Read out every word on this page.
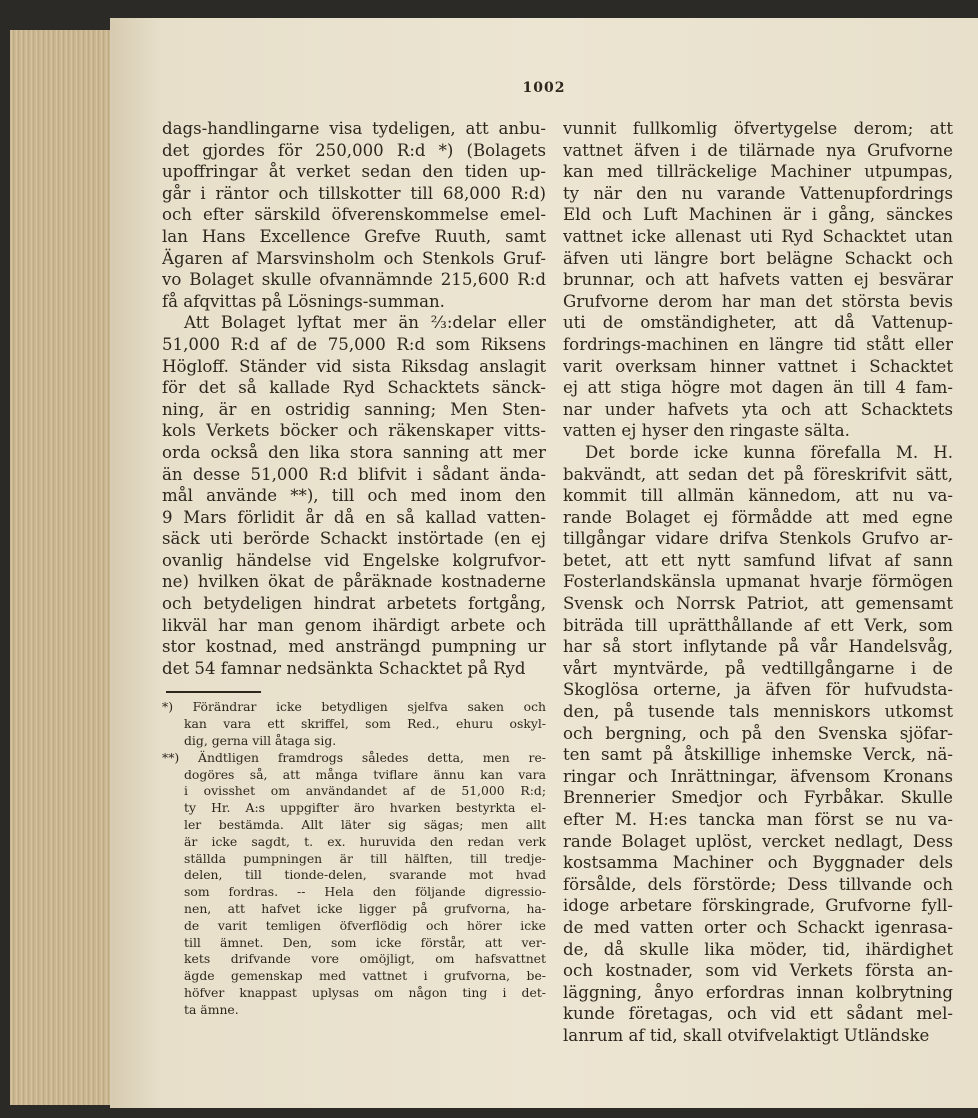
1002
dags-handlingarne visa tydeligen, att anbu-
det gjordes för 250,000 R:d *) (Bolagets
upoffringar åt verket sedan den tiden up-
går i räntor och tillskotter till 68,000 R:d)
och efter särskild öfverenskommelse emel-
lan Hans Excellence Grefve Ruuth, samt
Ägaren af Marsvinsholm och Stenkols Gruf-
vo Bolaget skulle ofvannämnde 215,600 R:d
få afqvittas på Lösnings-summan.
Att Bolaget lyftat mer än ⅔:delar eller
51,000 R:d af de 75,000 R:d som Riksens
Högloff. Ständer vid sista Riksdag anslagit
för det så kallade Ryd Schacktets sänck-
ning, är en ostridig sanning; Men Sten-
kols Verkets böcker och räkenskaper vitts-
orda också den lika stora sanning att mer
än desse 51,000 R:d blifvit i sådant ända-
mål använde **), till och med inom den
9 Mars förlidit år då en så kallad vatten-
säck uti berörde Schackt instörtade (en ej
ovanlig händelse vid Engelske kolgrufvor-
ne) hvilken ökat de påräknade kostnaderne
och betydeligen hindrat arbetets fortgång,
likväl har man genom ihärdigt arbete och
stor kostnad, med ansträngd pumpning ur
det 54 famnar nedsänkta Schacktet på Ryd
*) Förändrar icke betydligen sjelfva saken och
kan vara ett skriffel, som Red., ehuru oskyl-
dig, gerna vill åtaga sig.
**) Ändtligen framdrogs således detta, men re-
dogöres så, att många tviflare ännu kan vara
i ovisshet om användandet af de 51,000 R:d;
ty Hr. A:s uppgifter äro hvarken bestyrkta el-
ler bestämda. Allt läter sig sägas; men allt
är icke sagdt, t. ex. huruvida den redan verk
ställda pumpningen är till hälften, till tredje-
delen, till tionde-delen, svarande mot hvad
som fordras. -- Hela den följande digressio-
nen, att hafvet icke ligger på grufvorna, ha-
de varit temligen öfverflödig och hörer icke
till ämnet. Den, som icke förstår, att ver-
kets drifvande vore omöjligt, om hafsvattnet
ägde gemenskap med vattnet i grufvorna, be-
höfver knappast uplysas om någon ting i det-
ta ämne.
vunnit fullkomlig öfvertygelse derom; att
vattnet äfven i de tilärnade nya Grufvorne
kan med tillräckelige Machiner utpumpas,
ty när den nu varande Vattenupfordrings
Eld och Luft Machinen är i gång, sänckes
vattnet icke allenast uti Ryd Schacktet utan
äfven uti längre bort belägne Schackt och
brunnar, och att hafvets vatten ej besvärar
Grufvorne derom har man det största bevis
uti de omständigheter, att då Vattenup-
fordrings-machinen en längre tid stått eller
varit overksam hinner vattnet i Schacktet
ej att stiga högre mot dagen än till 4 fam-
nar under hafvets yta och att Schacktets
vatten ej hyser den ringaste sälta.
Det borde icke kunna förefalla M. H.
bakvändt, att sedan det på föreskrifvit sätt,
kommit till allmän kännedom, att nu va-
rande Bolaget ej förmådde att med egne
tillgångar vidare drifva Stenkols Grufvo ar-
betet, att ett nytt samfund lifvat af sann
Fosterlandskänsla upmanat hvarje förmögen
Svensk och Norrsk Patriot, att gemensamt
biträda till uprätthållande af ett Verk, som
har så stort inflytande på vår Handelsvåg,
vårt myntvärde, på vedtillgångarne i de
Skoglösa orterne, ja äfven för hufvudsta-
den, på tusende tals menniskors utkomst
och bergning, och på den Svenska sjöfar-
ten samt på åtskillige inhemske Verck, nä-
ringar och Inrättningar, äfvensom Kronans
Brennerier Smedjor och Fyrbåkar. Skulle
efter M. H:es tancka man först se nu va-
rande Bolaget uplöst, vercket nedlagt, Dess
kostsamma Machiner och Byggnader dels
försålde, dels förstörde; Dess tillvande och
idoge arbetare förskingrade, Grufvorne fyll-
de med vatten orter och Schackt igenrasa-
de, då skulle lika möder, tid, ihärdighet
och kostnader, som vid Verkets första an-
läggning, ånyo erfordras innan kolbrytning
kunde företagas, och vid ett sådant mel-
lanrum af tid, skall otvifvelaktigt Utländske
